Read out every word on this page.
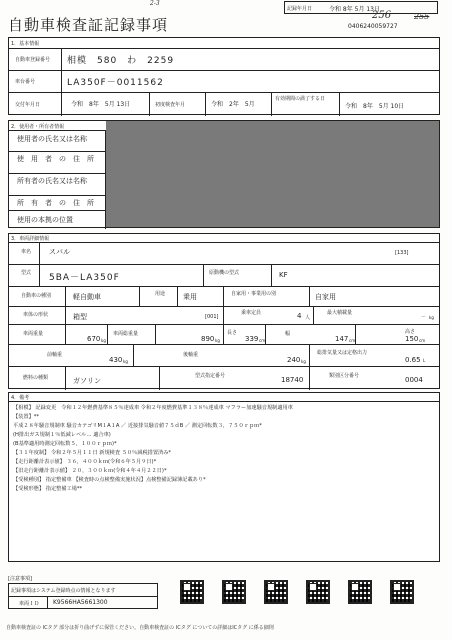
2-3
自動車検査証記録事項
記録年月日	令和 8年 5月 13日
256	255
0406240059727
1．基本情報
自動車登録番号 相模　580　わ　2259
車台番号	LA350F－0011562
交付年月日	令和　8年　5月 13日	初度検査年月	令和　2年　5月
有効期間の満了する日
令和　8年　5月 10日
2．使用者・所有者情報
使用者の氏名又は名称
使　用　者　の　住　所
所有者の氏名又は名称
所　有　者　の　住　所
使用の本拠の位置
3．車両詳細情報
車名	スバル	[133]
型式 5BA－LA350F	原動機の型式	KF
自動車の種別	軽自動車	用途	乗用	自家用・事業用の別	自家用
車体の形状	箱型	[001]
乗車定員	4 人
最大積載量
－ kg
車両重量
670 kg
車両総重量
890 kg
長さ
339 cm
幅
147 cm
高さ
150 cm
前軸重
430 kg
後軸重
240 kg
総排気量又は定格出力
0.65 L
燃料の種類	ガソリン
型式指定番号	18740	類別区分番号	0004
4．備考
【相模】 記録変更　令和１２年燃費基準８５％達成車 令和２年度燃費基準１３８％達成車 マフラー加速騒音規制適用車
【装置】**
平成２８年騒音規制車 騒音カテゴリM１A１A ／ 近接排気騒音値７５ｄB ／ 測定回転数３，７５０ｒｐｍ*
(H排出ガス規制１％低減レベル… 適合車)
(B基準適用時測定回転数５，１００ｒｐｍ)*
【３１年度制】 令和２年５月１１日 新規検査 ５０％減税措置済み*
【走行距離計表示値】 ３６，４００ｋｍ(令和６年５月９日)*
【旧走行距離計表示値】 ２０，３００ｋｍ(令和４年４月２２日)*
【受検種別】 指定整備車 【検査時の点検整備実施状況】点検整備記録簿記載あり*
【受検形態】 指定整備工場**
[注意事項]
記録事項はシステム登録時点の情報となります
車両ＩＤ K9566HA5661300
自動車検査証の ICタグ 部分は折り曲げずに保管ください。自動車検査証の ICタグ についての詳細はICタグ に係る細則
